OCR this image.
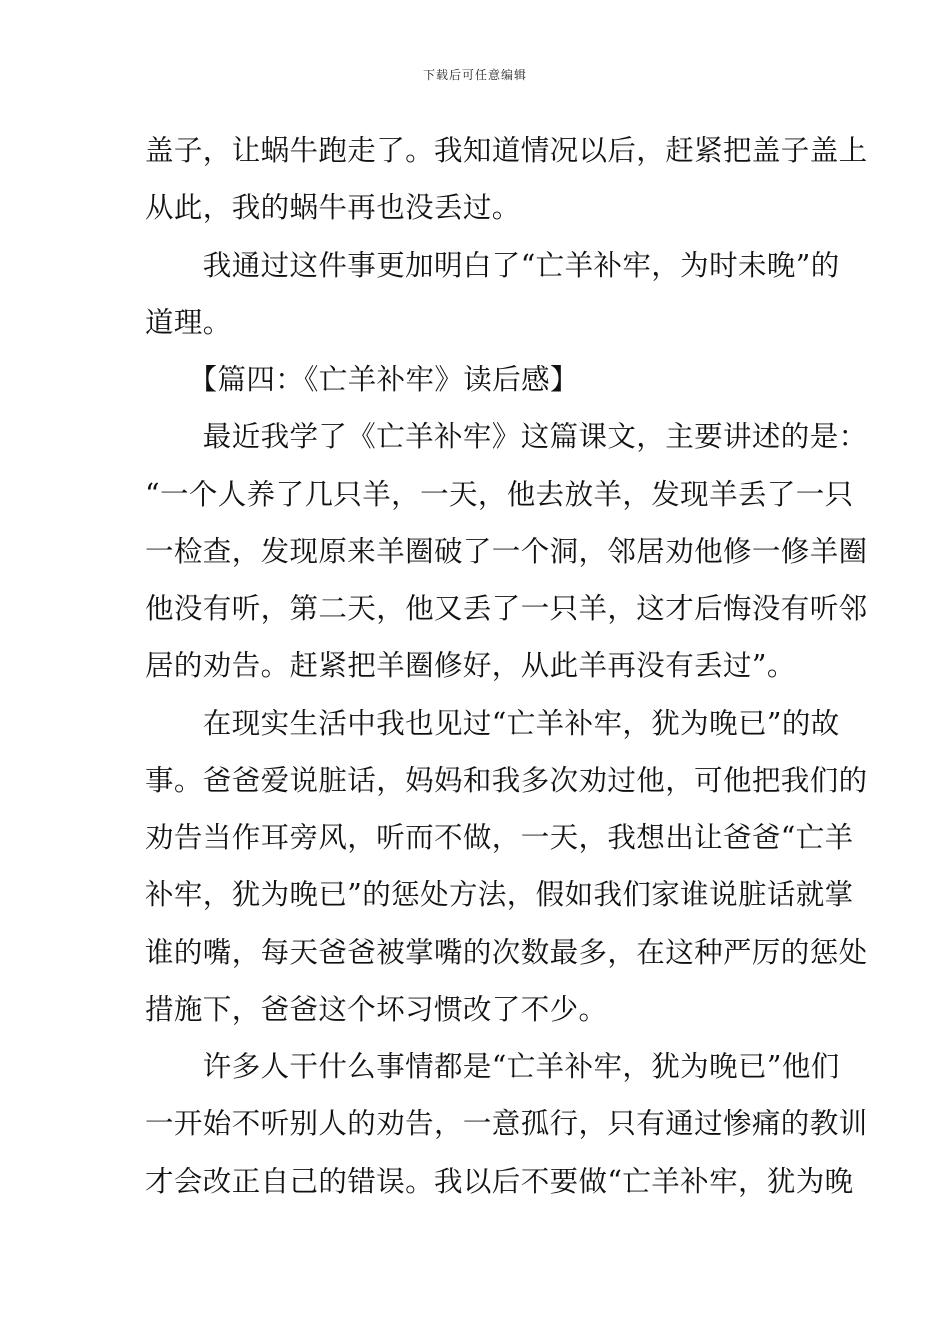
下载后可任意编辑
盖子，让蜗牛跑走了。我知道情况以后，赶紧把盖子盖上
从此，我的蜗牛再也没丢过。
　　我通过这件事更加明白了“亡羊补牢，为时未晚”的
道理。
　　【篇四：《亡羊补牢》读后感】
　　最近我学了《亡羊补牢》这篇课文，主要讲述的是：
“一个人养了几只羊，一天，他去放羊，发现羊丢了一只
一检查，发现原来羊圈破了一个洞，邻居劝他修一修羊圈
他没有听，第二天，他又丢了一只羊，这才后悔没有听邻
居的劝告。赶紧把羊圈修好，从此羊再没有丢过”。
　　在现实生活中我也见过“亡羊补牢，犹为晚已”的故
事。爸爸爱说脏话，妈妈和我多次劝过他，可他把我们的
劝告当作耳旁风，听而不做，一天，我想出让爸爸“亡羊
补牢，犹为晚已”的惩处方法，假如我们家谁说脏话就掌
谁的嘴，每天爸爸被掌嘴的次数最多，在这种严厉的惩处
措施下，爸爸这个坏习惯改了不少。
　　许多人干什么事情都是“亡羊补牢，犹为晚已”他们
一开始不听别人的劝告，一意孤行，只有通过惨痛的教训
才会改正自己的错误。我以后不要做“亡羊补牢，犹为晚
